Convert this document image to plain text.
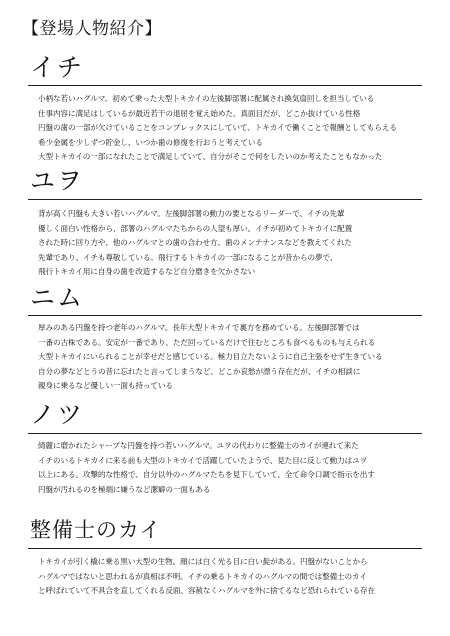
【登場人物紹介】
イチ
小柄な若いハグルマ。初めて乗った大型トキカイの左後脚部署に配属され換気扇回しを担当している
仕事内容に満足はしているが最近若干の退屈を覚え始めた。真面目だが、どこか抜けている性格
円盤の歯の一部が欠けていることをコンプレックスにしていて、トキカイで働くことで報酬としてもらえる
希少金属を少しずつ貯金し、いつか歯の修復を行おうと考えている
大型トキカイの一部になれたことで満足していて、自分がそこで何をしたいのか考えたこともなかった
ユヲ
背が高く円盤も大きい若いハグルマ。左後脚部署の動力の要となるリーダーで、イチの先輩
優しく面白い性格から、部署のハグルマたちからの人望も厚い。イチが初めてトキカイに配置
された時に回り方や、他のハグルマとの歯の合わせ方、歯のメンテナンスなどを教えてくれた
先輩であり、イチも尊敬している。飛行するトキカイの一部になることが昔からの夢で、
飛行トキカイ用に自身の歯を改造するなど自分磨きを欠かさない
ニム
厚みのある円盤を持つ老年のハグルマ。長年大型トキカイで裏方を務めている。左後脚部署では
一番の古株である。安定が一番であり、ただ回っているだけで住むところも食べるものも与えられる
大型トキカイにいられることが幸せだと感じている。極力目立たないように自己主張をせず生きている
自分の夢などとうの昔に忘れたと言ってしまうなど、どこか哀愁が漂う存在だが、イチの相談に
親身に乗るなど優しい一面も持っている
ノツ
綺麗に磨かれたシャープな円盤を持つ若いハグルマ。ユヲの代わりに整備士のカイが連れて来た
イチのいるトキカイに来る前も大型のトキカイで活躍していたようで、見た目に反して動力はユヲ
以上にある。攻撃的な性格で、自分以外のハグルマたちを見下していて、全て命令口調で指示を出す
円盤が汚れるのを極端に嫌うなど潔癖の一面もある
整備士のカイ
トキカイが引く橇に乗る黒い大型の生物。顔には白く光る目に白い髭がある。円盤がないことから
ハグルマではないと思われるが真相は不明。イチの乗るトキカイのハグルマの間では整備士のカイ
と呼ばれていて不具合を直してくれる反面、容赦なくハグルマを外に捨てるなど恐れられている存在
